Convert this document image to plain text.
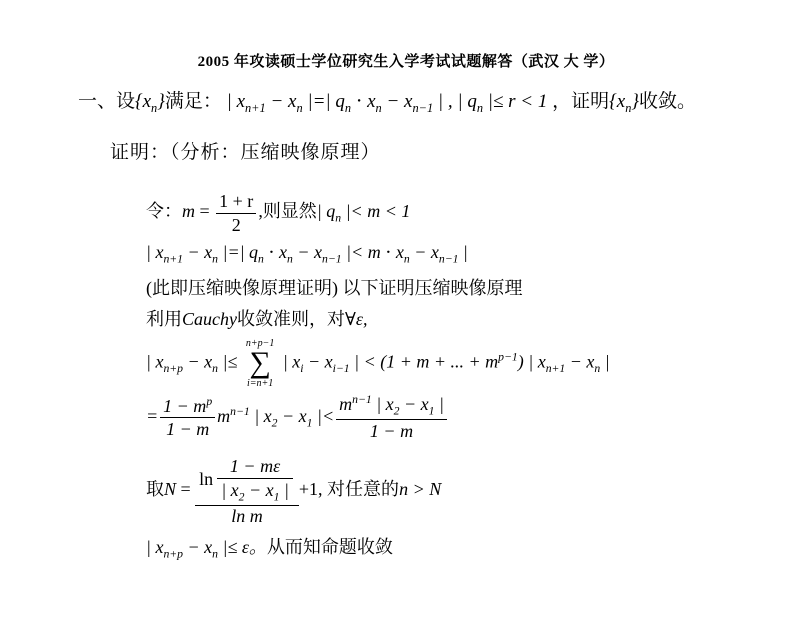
2005 年攻读硕士学位研究生入学考试试题解答（武汉 大 学）
一、设$\{x_n\}$满足： | $x_{n+1} - x_n$ |=| $q_n \cdot x_n - x_{n-1}$ | , | $q_n$ |≤ r < 1 ，证明$\{x_n\}$收敛。
证明：（分析：压缩映像原理）
令：$m = \frac{1 + r}{2}$ ,则显然| $q_n$ |< m < 1
| $x_{n+1} - x_n$ |=| $q_n \cdot x_n - x_{n-1}$ |< $m \cdot x_n - x_{n-1}$ |
(此即压缩映像原理证明) 以下证明压缩映像原理
利用Cauchy收敛准则，对∀ε,
| $x_{n+p} - x_n$ |≤
n+p−1
∑
i=n+1
| $x_i - x_{i-1}$ | < (1 + m + ... + $m^{p-1}$) | $x_{n+1} - x_n$ |
= $\frac{1 - m^p}{1 - m} m^{n-1}$ | $x_2 - x_1$ |< $\frac{m^{n-1} | x_2 - x_1 |}{1 - m}$
取$N = \frac{\ln \frac{1 - m\varepsilon}{| x_2 - x_1 |}}{\text{ln m}} +1$, 对任意的n > N
| $x_{n+p} - x_n$ |≤ ε。从而知命题收敛
